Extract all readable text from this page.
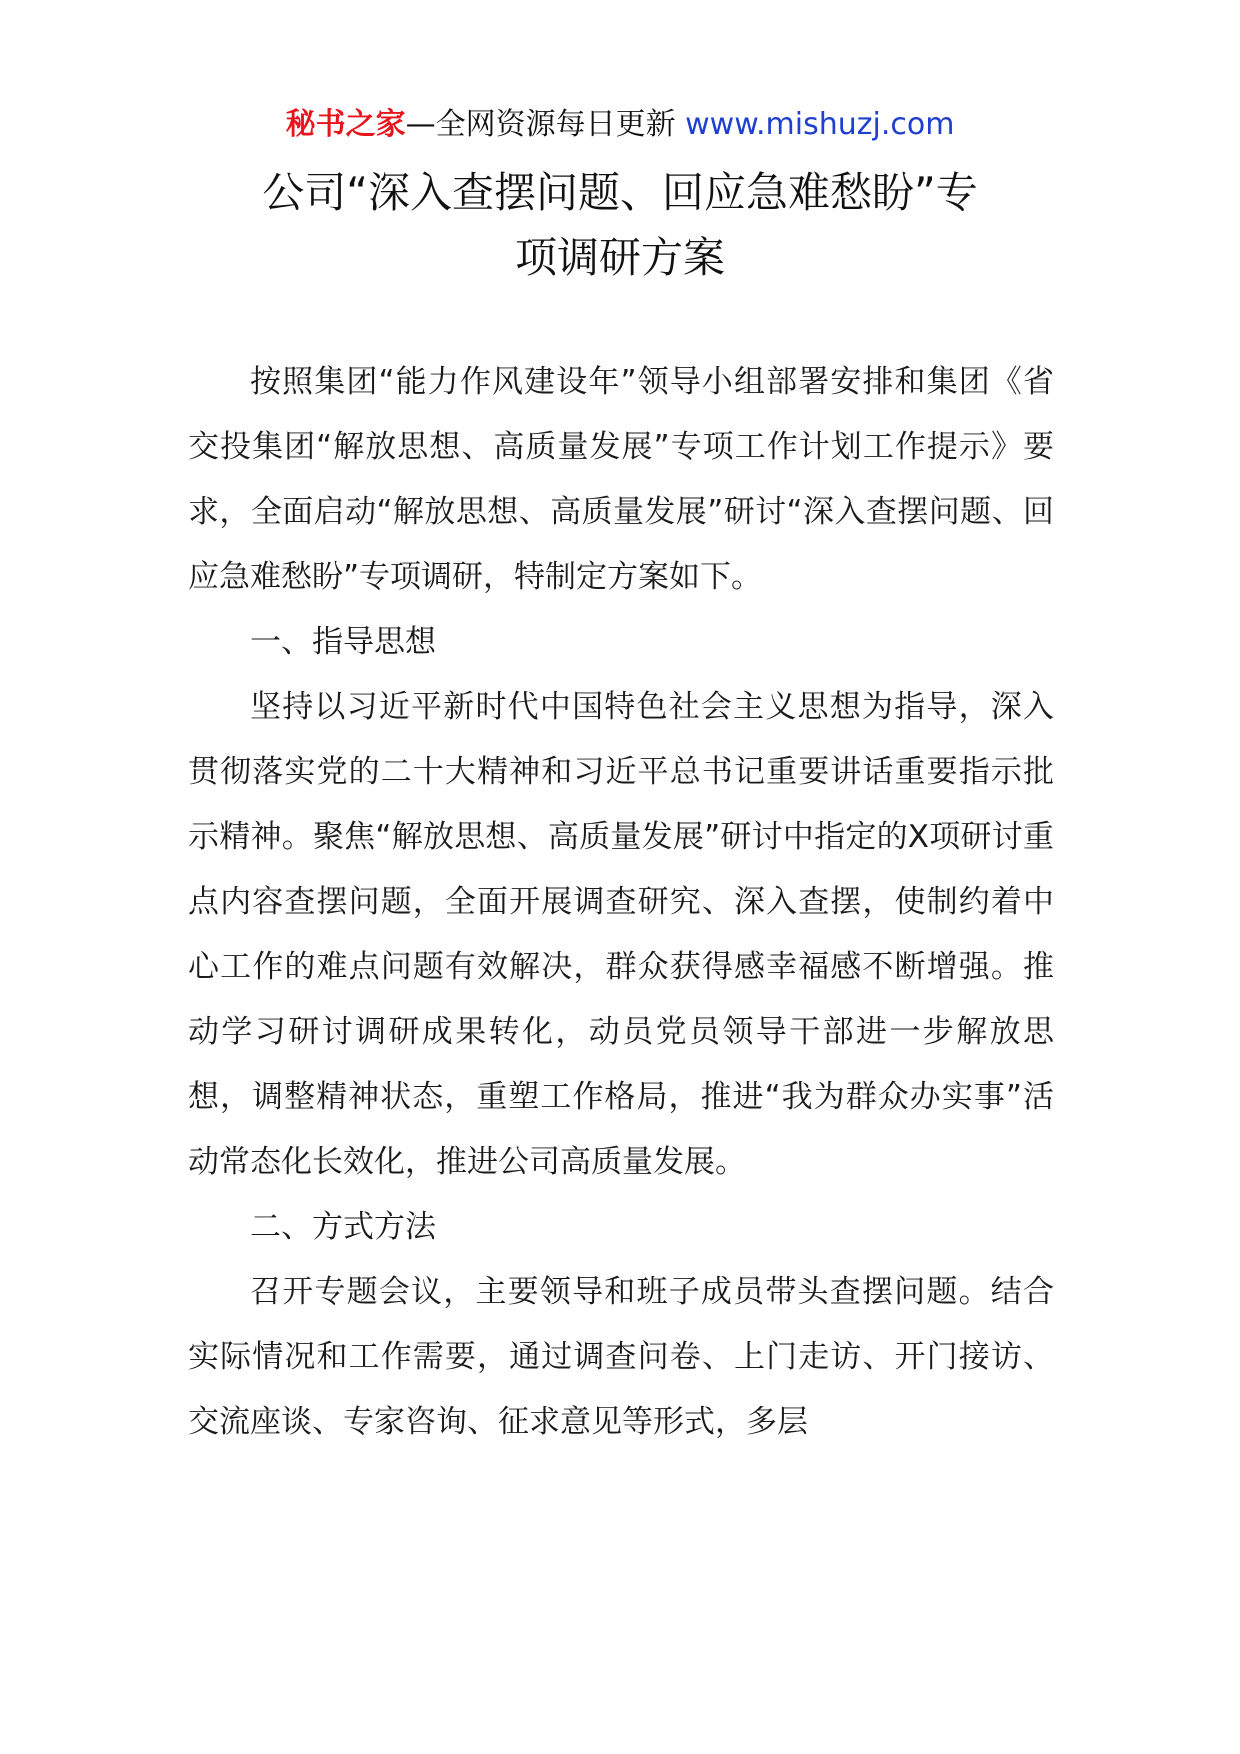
秘书之家—全网资源每日更新 www.mishuzj.com
公司“深入查摆问题、回应急难愁盼”专
项调研方案

按照集团“能力作风建设年”领导小组部署安排和集团《省交投集团“解放思想、高质量发展”专项工作计划工作提示》要求，全面启动“解放思想、高质量发展”研讨“深入查摆问题、回应急难愁盼”专项调研，特制定方案如下。

一、指导思想

坚持以习近平新时代中国特色社会主义思想为指导，深入贯彻落实党的二十大精神和习近平总书记重要讲话重要指示批示精神。聚焦“解放思想、高质量发展”研讨中指定的X项研讨重点内容查摆问题，全面开展调查研究、深入查摆，使制约着中心工作的难点问题有效解决，群众获得感幸福感不断增强。推动学习研讨调研成果转化，动员党员领导干部进一步解放思想，调整精神状态，重塑工作格局，推进“我为群众办实事”活动常态化长效化，推进公司高质量发展。

二、方式方法

召开专题会议，主要领导和班子成员带头查摆问题。结合实际情况和工作需要，通过调查问卷、上门走访、开门接访、交流座谈、专家咨询、征求意见等形式，多层
